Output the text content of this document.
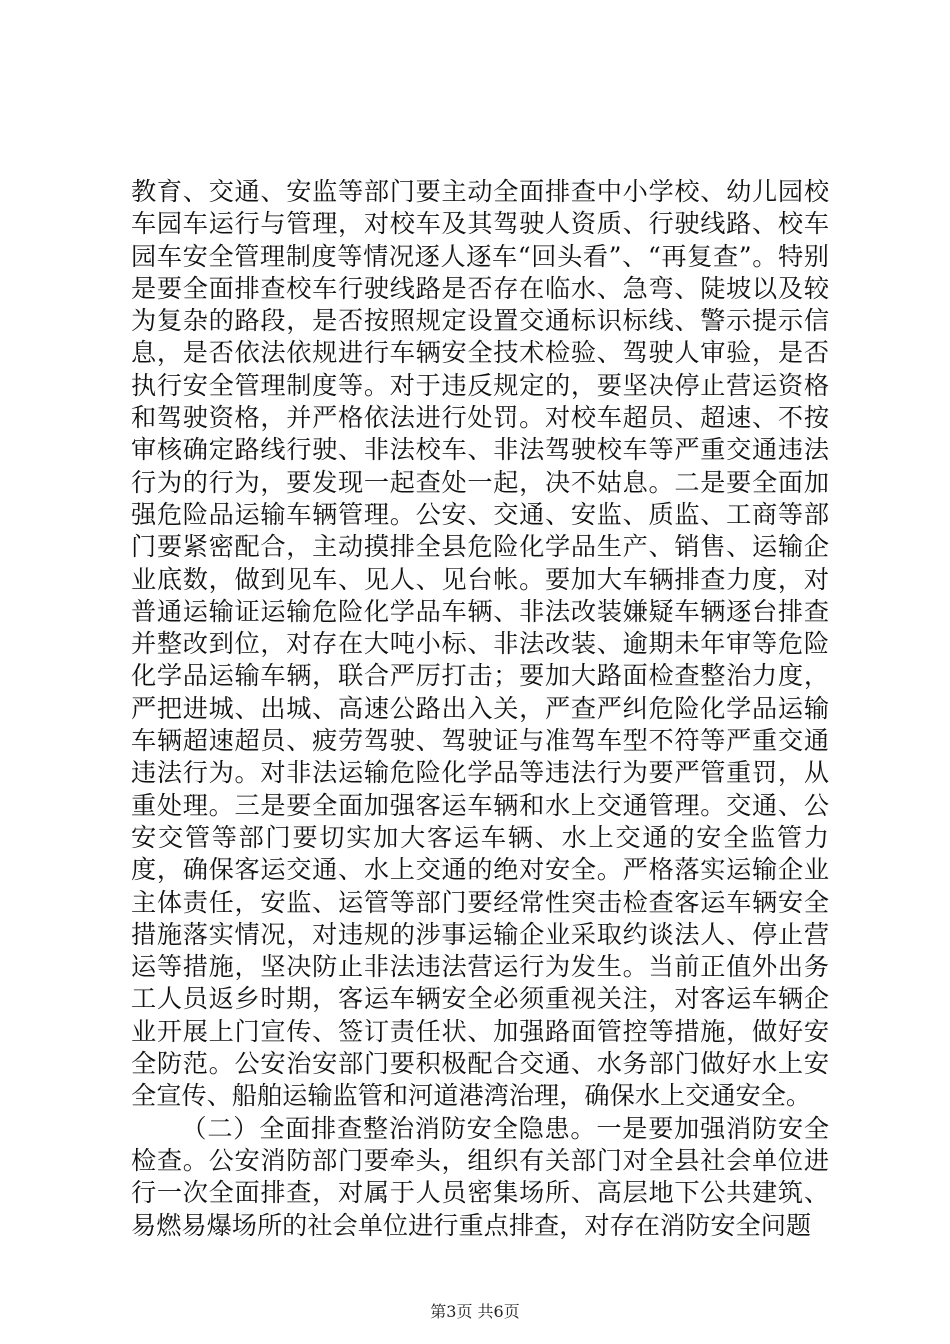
教育、交通、安监等部门要主动全面排查中小学校、幼儿园校车园车运行与管理，对校车及其驾驶人资质、行驶线路、校车园车安全管理制度等情况逐人逐车“回头看”、“再复查”。特别是要全面排查校车行驶线路是否存在临水、急弯、陡坡以及较为复杂的路段，是否按照规定设置交通标识标线、警示提示信息，是否依法依规进行车辆安全技术检验、驾驶人审验，是否执行安全管理制度等。对于违反规定的，要坚决停止营运资格和驾驶资格，并严格依法进行处罚。对校车超员、超速、不按审核确定路线行驶、非法校车、非法驾驶校车等严重交通违法行为的行为，要发现一起查处一起，决不姑息。二是要全面加强危险品运输车辆管理。公安、交通、安监、质监、工商等部门要紧密配合，主动摸排全县危险化学品生产、销售、运输企业底数，做到见车、见人、见台帐。要加大车辆排查力度，对普通运输证运输危险化学品车辆、非法改装嫌疑车辆逐台排查并整改到位，对存在大吨小标、非法改装、逾期未年审等危险化学品运输车辆，联合严厉打击；要加大路面检查整治力度，严把进城、出城、高速公路出入关，严查严纠危险化学品运输车辆超速超员、疲劳驾驶、驾驶证与准驾车型不符等严重交通违法行为。对非法运输危险化学品等违法行为要严管重罚，从重处理。三是要全面加强客运车辆和水上交通管理。交通、公安交管等部门要切实加大客运车辆、水上交通的安全监管力度，确保客运交通、水上交通的绝对安全。严格落实运输企业主体责任，安监、运管等部门要经常性突击检查客运车辆安全措施落实情况，对违规的涉事运输企业采取约谈法人、停止营运等措施，坚决防止非法违法营运行为发生。当前正值外出务工人员返乡时期，客运车辆安全必须重视关注，对客运车辆企业开展上门宣传、签订责任状、加强路面管控等措施，做好安全防范。公安治安部门要积极配合交通、水务部门做好水上安全宣传、船舶运输监管和河道港湾治理，确保水上交通安全。

（二）全面排查整治消防安全隐患。一是要加强消防安全检查。公安消防部门要牵头，组织有关部门对全县社会单位进行一次全面排查，对属于人员密集场所、高层地下公共建筑、易燃易爆场所的社会单位进行重点排查，对存在消防安全问题

第3页 共6页
